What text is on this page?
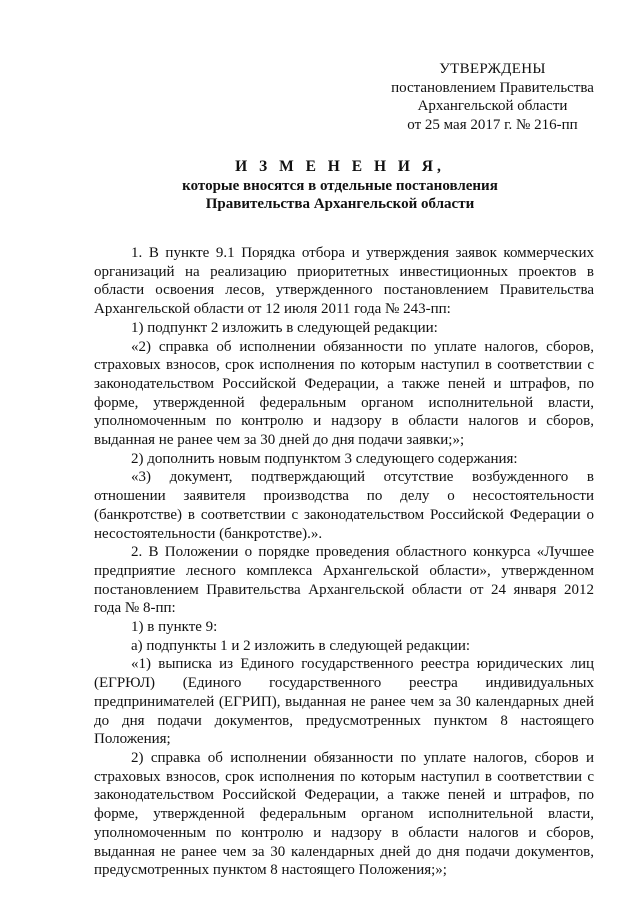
УТВЕРЖДЕНЫ
постановлением Правительства
Архангельской области
от 25 мая 2017 г. № 216-пп
И З М Е Н Е Н И Я,
которые вносятся в отдельные постановления
Правительства Архангельской области

1. В пункте 9.1 Порядка отбора и утверждения заявок коммерческих организаций на реализацию приоритетных инвестиционных проектов в области освоения лесов, утвержденного постановлением Правительства Архангельской области от 12 июля 2011 года № 243-пп:

1) подпункт 2 изложить в следующей редакции:

«2) справка об исполнении обязанности по уплате налогов, сборов, страховых взносов, срок исполнения по которым наступил в соответствии с законодательством Российской Федерации, а также пеней и штрафов, по форме, утвержденной федеральным органом исполнительной власти, уполномоченным по контролю и надзору в области налогов и сборов, выданная не ранее чем за 30 дней до дня подачи заявки;»;

2) дополнить новым подпунктом 3 следующего содержания:

«3) документ, подтверждающий отсутствие возбужденного в отношении заявителя производства по делу о несостоятельности (банкротстве) в соответствии с законодательством Российской Федерации о несостоятельности (банкротстве).».

2. В Положении о порядке проведения областного конкурса «Лучшее предприятие лесного комплекса Архангельской области», утвержденном постановлением Правительства Архангельской области от 24 января 2012 года № 8-пп:

1) в пункте 9:

а) подпункты 1 и 2 изложить в следующей редакции:

«1) выписка из Единого государственного реестра юридических лиц (ЕГРЮЛ) (Единого государственного реестра индивидуальных предпринимателей (ЕГРИП), выданная не ранее чем за 30 календарных дней до дня подачи документов, предусмотренных пунктом 8 настоящего Положения;

2) справка об исполнении обязанности по уплате налогов, сборов и страховых взносов, срок исполнения по которым наступил в соответствии с законодательством Российской Федерации, а также пеней и штрафов, по форме, утвержденной федеральным органом исполнительной власти, уполномоченным по контролю и надзору в области налогов и сборов, выданная не ранее чем за 30 календарных дней до дня подачи документов, предусмотренных пунктом 8 настоящего Положения;»;
